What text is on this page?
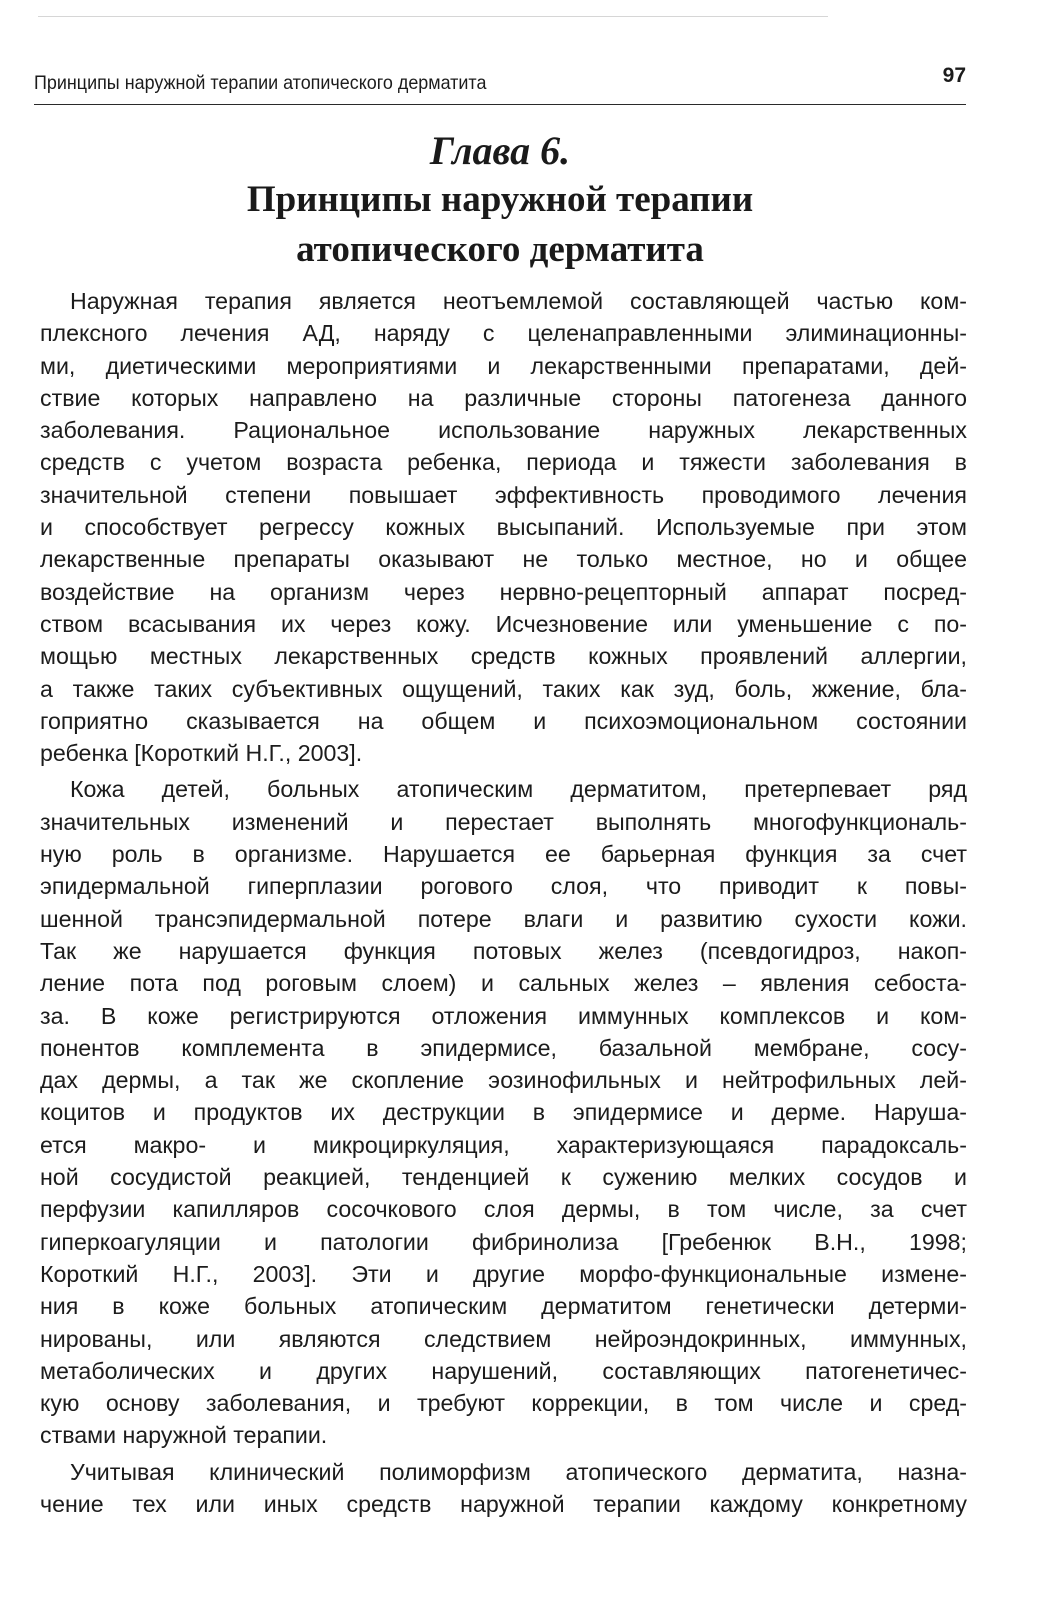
Принципы наружной терапии атопического дерматита	97
Глава 6.
Принципы наружной терапии
атопического дерматита
Наружная терапия является неотъемлемой составляющей частью ком-
плексного лечения АД, наряду с целенаправленными элиминационны-
ми, диетическими мероприятиями и лекарственными препаратами, дей-
ствие которых направлено на различные стороны патогенеза данного
заболевания. Рациональное использование наружных лекарственных
средств с учетом возраста ребенка, периода и тяжести заболевания в
значительной степени повышает эффективность проводимого лечения
и способствует регрессу кожных высыпаний. Используемые при этом
лекарственные препараты оказывают не только местное, но и общее
воздействие на организм через нервно-рецепторный аппарат посред-
ством всасывания их через кожу. Исчезновение или уменьшение с по-
мощью местных лекарственных средств кожных проявлений аллергии,
а также таких субъективных ощущений, таких как зуд, боль, жжение, бла-
гоприятно сказывается на общем и психоэмоциональном состоянии
ребенка [Короткий Н.Г., 2003].
Кожа детей, больных атопическим дерматитом, претерпевает ряд
значительных изменений и перестает выполнять многофункциональ-
ную роль в организме. Нарушается ее барьерная функция за счет
эпидермальной гиперплазии рогового слоя, что приводит к повы-
шенной трансэпидермальной потере влаги и развитию сухости кожи.
Так же нарушается функция потовых желез (псевдогидроз, накоп-
ление пота под роговым слоем) и сальных желез – явления себоста-
за. В коже регистрируются отложения иммунных комплексов и ком-
понентов комплемента в эпидермисе, базальной мембране, сосу-
дах дермы, а так же скопление эозинофильных и нейтрофильных лей-
коцитов и продуктов их деструкции в эпидермисе и дерме. Наруша-
ется макро- и микроциркуляция, характеризующаяся парадоксаль-
ной сосудистой реакцией, тенденцией к сужению мелких сосудов и
перфузии капилляров сосочкового слоя дермы, в том числе, за счет
гиперкоагуляции и патологии фибринолиза [Гребенюк В.Н., 1998;
Короткий Н.Г., 2003]. Эти и другие морфо-функциональные измене-
ния в коже больных атопическим дерматитом генетически детерми-
нированы, или являются следствием нейроэндокринных, иммунных,
метаболических и других нарушений, составляющих патогенетичес-
кую основу заболевания, и требуют коррекции, в том числе и сред-
ствами наружной терапии.
Учитывая клинический полиморфизм атопического дерматита, назна-
чение тех или иных средств наружной терапии каждому конкретному
